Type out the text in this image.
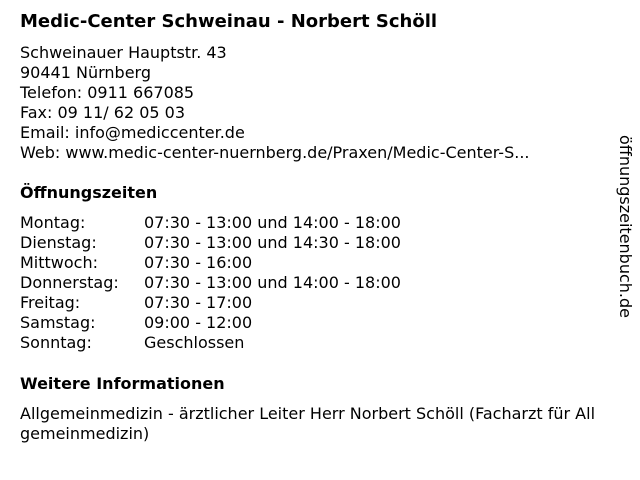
Medic-Center Schweinau - Norbert Schöll
Schweinauer Hauptstr. 43
90441 Nürnberg
Telefon: 0911 667085
Fax: 09 11/ 62 05 03
Email: info@mediccenter.de
Web: www.medic-center-nuernberg.de/Praxen/Medic-Center-S...
Öffnungszeiten
Montag:	07:30 - 13:00 und 14:00 - 18:00
Dienstag:	07:30 - 13:00 und 14:30 - 18:00
Mittwoch:	07:30 - 16:00
Donnerstag:	07:30 - 13:00 und 14:00 - 18:00
Freitag:	07:30 - 17:00
Samstag:	09:00 - 12:00
Sonntag:	Geschlossen
Weitere Informationen
Allgemeinmedizin - ärztlicher Leiter Herr Norbert Schöll (Facharzt für Allgemeinmedizin)
öffnungszeitenbuch.de
